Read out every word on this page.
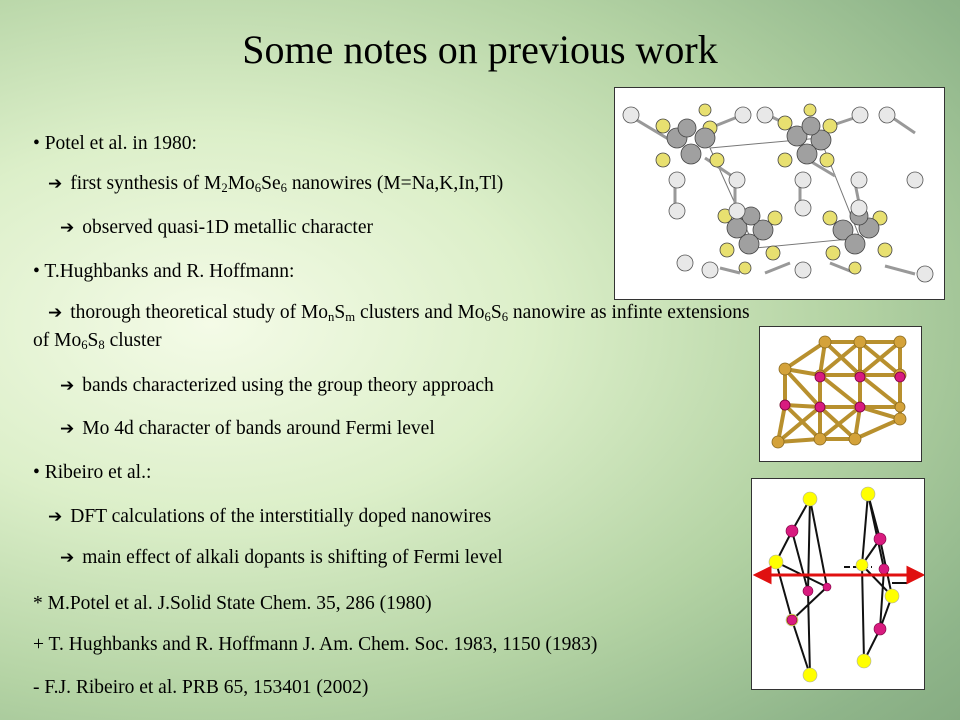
Some notes on previous work
• Potel et al. in 1980:
➔ first synthesis of $M_2Mo_6Se_6$ nanowires (M=Na,K,In,Tl)
➔ observed quasi-1D metallic character
• T.Hughbanks and R. Hoffmann:
➔ thorough theoretical study of $Mo_nS_m$ clusters and $Mo_6S_6$ nanowire as infinte extensions
of $Mo_6S_8$ cluster
➔ bands characterized using the group theory approach
➔ Mo 4d character of bands around Fermi level
• Ribeiro et al.:
➔ DFT calculations of the interstitially doped nanowires
➔ main effect of alkali dopants is shifting of Fermi level
* M.Potel et al. J.Solid State Chem. 35, 286 (1980)
+ T. Hughbanks and R. Hoffmann J. Am. Chem. Soc. 1983, 1150 (1983)
- F.J. Ribeiro et al. PRB 65, 153401 (2002)
